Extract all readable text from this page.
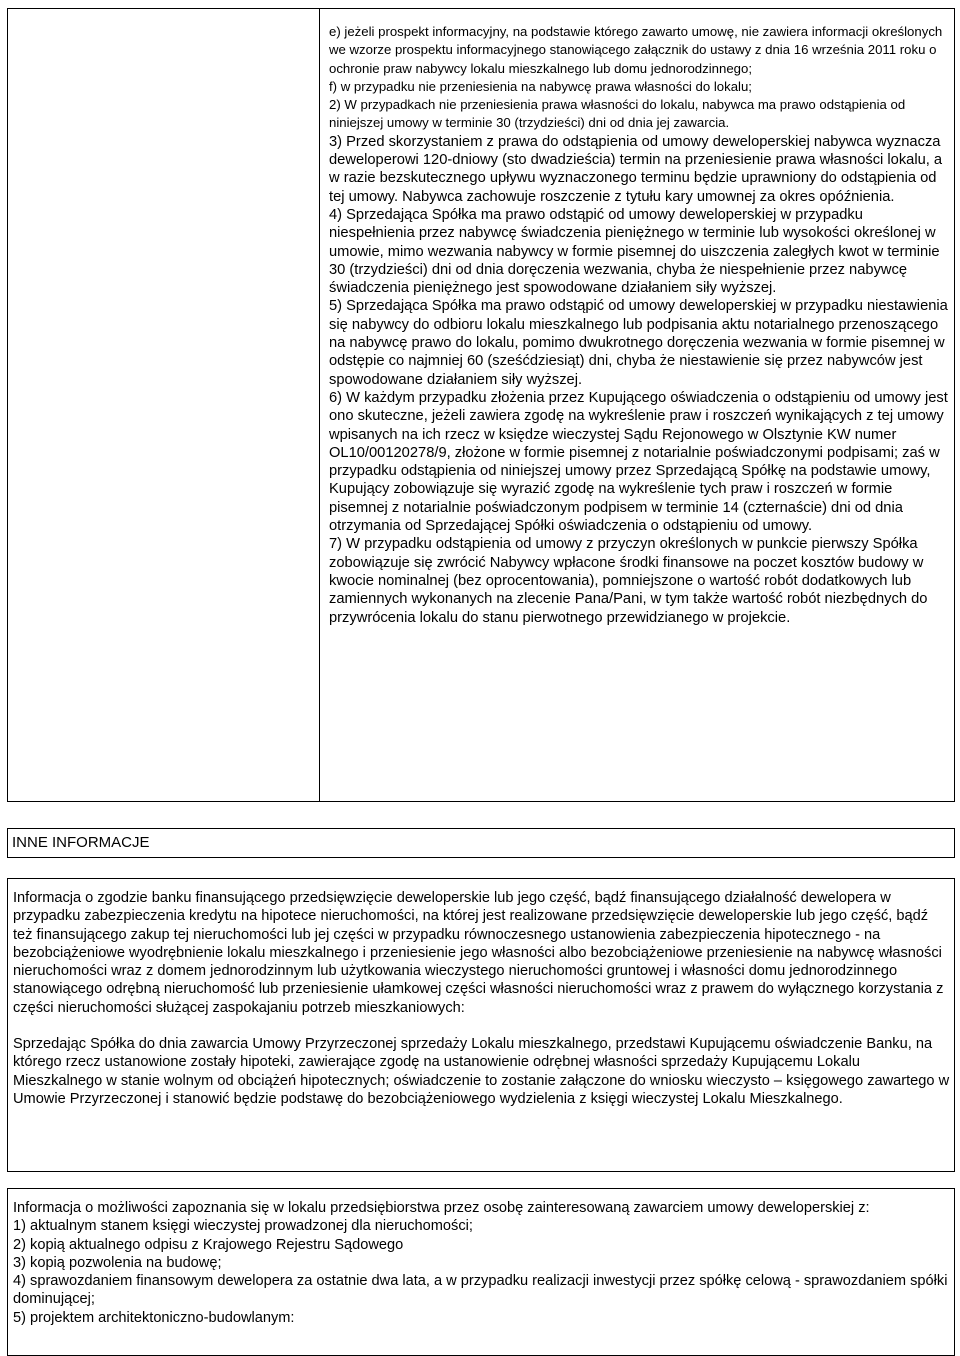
e) jeżeli prospekt informacyjny, na podstawie którego zawarto umowę, nie zawiera informacji określonych we wzorze prospektu informacyjnego stanowiącego załącznik do ustawy z dnia 16 września 2011 roku o ochronie praw nabywcy lokalu mieszkalnego lub domu jednorodzinnego;

f) w przypadku nie przeniesienia na nabywcę prawa własności do lokalu;

2) W przypadkach nie przeniesienia prawa własności do lokalu, nabywca ma prawo odstąpienia od niniejszej umowy w terminie 30 (trzydzieści) dni od dnia jej zawarcia.

3) Przed skorzystaniem z prawa do odstąpienia od umowy deweloperskiej nabywca wyznacza deweloperowi 120-dniowy (sto dwadzieścia) termin na przeniesienie prawa własności lokalu, a w razie bezskutecznego upływu wyznaczonego terminu będzie uprawniony do odstąpienia od tej umowy. Nabywca zachowuje roszczenie z tytułu kary umownej za okres opóźnienia.

4) Sprzedająca Spółka ma prawo odstąpić od umowy deweloperskiej w przypadku niespełnienia przez nabywcę świadczenia pieniężnego w terminie lub wysokości określonej w umowie, mimo wezwania nabywcy w formie pisemnej do uiszczenia zaległych kwot w terminie 30 (trzydzieści) dni od dnia doręczenia wezwania, chyba że niespełnienie przez nabywcę świadczenia pieniężnego jest spowodowane działaniem siły wyższej.

5) Sprzedająca Spółka ma prawo odstąpić od umowy deweloperskiej w przypadku niestawienia się nabywcy do odbioru lokalu mieszkalnego lub podpisania aktu notarialnego przenoszącego na nabywcę prawo do lokalu, pomimo dwukrotnego doręczenia wezwania w formie pisemnej w odstępie co najmniej 60 (sześćdziesiąt) dni, chyba że niestawienie się przez nabywców jest spowodowane działaniem siły wyższej.

6) W każdym przypadku złożenia przez Kupującego oświadczenia o odstąpieniu od umowy jest ono skuteczne, jeżeli zawiera zgodę na wykreślenie praw i roszczeń wynikających z tej umowy wpisanych na ich rzecz w księdze wieczystej Sądu Rejonowego w Olsztynie KW numer OL10/00120278/9, złożone w formie pisemnej z notarialnie poświadczonymi podpisami; zaś w przypadku odstąpienia od niniejszej umowy przez Sprzedającą Spółkę na podstawie umowy, Kupujący zobowiązuje się wyrazić zgodę na wykreślenie tych praw i roszczeń w formie pisemnej z notarialnie poświadczonym podpisem w terminie 14 (czternaście) dni od dnia otrzymania od Sprzedającej Spółki oświadczenia o odstąpieniu od umowy.

7) W przypadku odstąpienia od umowy z przyczyn określonych w punkcie pierwszy Spółka zobowiązuje się zwrócić Nabywcy wpłacone środki finansowe na poczet kosztów budowy w kwocie nominalnej (bez oprocentowania), pomniejszone o wartość robót dodatkowych lub zamiennych wykonanych na zlecenie Pana/Pani, w tym także wartość robót niezbędnych do przywrócenia lokalu do stanu pierwotnego przewidzianego w projekcie.

INNE INFORMACJE

Informacja o zgodzie banku finansującego przedsięwzięcie deweloperskie lub jego część, bądź finansującego działalność dewelopera w przypadku zabezpieczenia kredytu na hipotece nieruchomości, na której jest realizowane przedsięwzięcie deweloperskie lub jego część, bądź też finansującego zakup tej nieruchomości lub jej części w przypadku równoczesnego ustanowienia zabezpieczenia hipotecznego - na bezobciążeniowe wyodrębnienie lokalu mieszkalnego i przeniesienie jego własności albo bezobciążeniowe przeniesienie na nabywcę własności nieruchomości wraz z domem jednorodzinnym lub użytkowania wieczystego nieruchomości gruntowej i własności domu jednorodzinnego stanowiącego odrębną nieruchomość lub przeniesienie ułamkowej części własności nieruchomości wraz z prawem do wyłącznego korzystania z części nieruchomości służącej zaspokajaniu potrzeb mieszkaniowych:

Sprzedając Spółka do dnia zawarcia Umowy Przyrzeczonej sprzedaży Lokalu mieszkalnego, przedstawi Kupującemu oświadczenie Banku, na którego rzecz ustanowione zostały hipoteki, zawierające zgodę na ustanowienie odrębnej własności sprzedaży Kupującemu Lokalu Mieszkalnego w stanie wolnym od obciążeń hipotecznych; oświadczenie to zostanie załączone do wniosku wieczysto – księgowego zawartego w Umowie Przyrzeczonej i stanowić będzie podstawę do bezobciążeniowego wydzielenia z księgi wieczystej Lokalu Mieszkalnego.

Informacja o możliwości zapoznania się w lokalu przedsiębiorstwa przez osobę zainteresowaną zawarciem umowy deweloperskiej z:

1) aktualnym stanem księgi wieczystej prowadzonej dla nieruchomości;
2) kopią aktualnego odpisu z Krajowego Rejestru Sądowego
3) kopią pozwolenia na budowę;
4) sprawozdaniem finansowym dewelopera za ostatnie dwa lata, a w przypadku realizacji inwestycji przez spółkę celową - sprawozdaniem spółki dominującej;
5) projektem architektoniczno-budowlanym:
